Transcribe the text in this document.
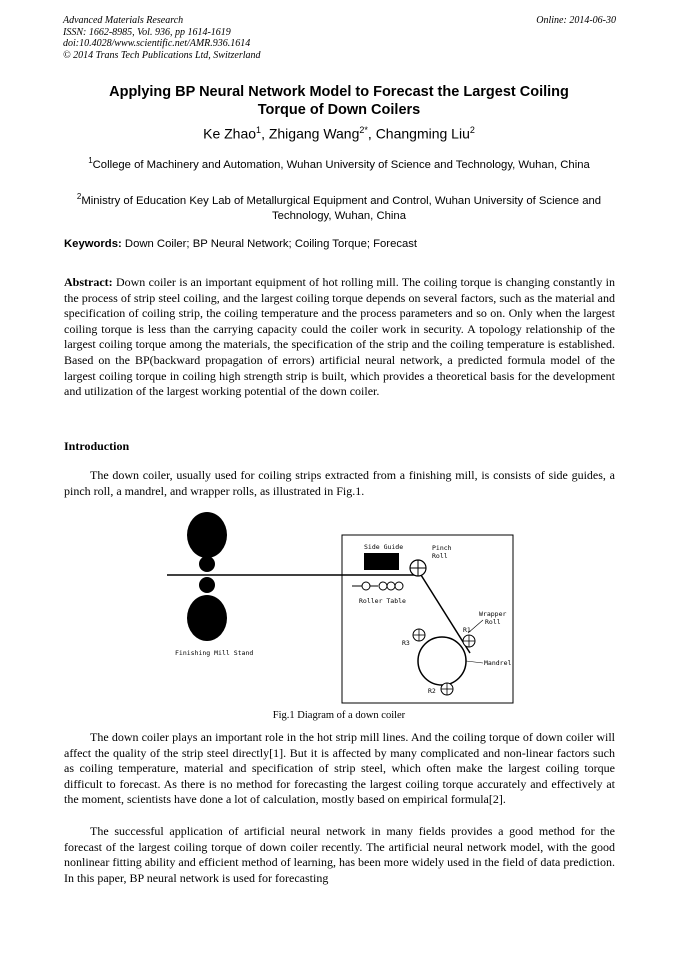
Advanced Materials Research
ISSN: 1662-8985, Vol. 936, pp 1614-1619
doi:10.4028/www.scientific.net/AMR.936.1614
© 2014 Trans Tech Publications Ltd, Switzerland
Online: 2014-06-30
Applying BP Neural Network Model to Forecast the Largest Coiling
Torque of Down Coilers
Ke Zhao$^1$, Zhigang Wang$^{2*}$, Changming Liu$^2$
$^1$College of Machinery and Automation, Wuhan University of Science and Technology, Wuhan, China
$^2$Ministry of Education Key Lab of Metallurgical Equipment and Control, Wuhan University of Science and Technology, Wuhan, China
Keywords: Down Coiler; BP Neural Network; Coiling Torque; Forecast
Abstract: Down coiler is an important equipment of hot rolling mill. The coiling torque is changing constantly in the process of strip steel coiling, and the largest coiling torque depends on several factors, such as the material and specification of coiling strip, the coiling temperature and the process parameters and so on. Only when the largest coiling torque is less than the carrying capacity could the coiler work in security. A topology relationship of the largest coiling torque among the materials, the specification of the strip and the coiling temperature is established. Based on the BP(backward propagation of errors) artificial neural network, a predicted formula model of the largest coiling torque in coiling high strength strip is built, which provides a theoretical basis for the development and utilization of the largest working potential of the down coiler.
Introduction
The down coiler, usually used for coiling strips extracted from a finishing mill, is consists of side guides, a pinch roll, a mandrel, and wrapper rolls, as illustrated in Fig.1.
Finishing Mill Stand
Side Guide	Pinch
Roll
Roller Table
Wrapper
Roll
R1
R3
Mandrel
R2
Fig.1 Diagram of a down coiler
The down coiler plays an important role in the hot strip mill lines. And the coiling torque of down coiler will affect the quality of the strip steel directly[1]. But it is affected by many complicated and non-linear factors such as coiling temperature, material and specification of strip steel, which often make the largest coiling torque difficult to forecast. As there is no method for forecasting the largest coiling torque accurately and effectively at the moment, scientists have done a lot of calculation, mostly based on empirical formula[2].
The successful application of artificial neural network in many fields provides a good method for the forecast of the largest coiling torque of down coiler recently. The artificial neural network model, with the good nonlinear fitting ability and efficient method of learning, has been more widely used in the field of data prediction. In this paper, BP neural network is used for forecasting
